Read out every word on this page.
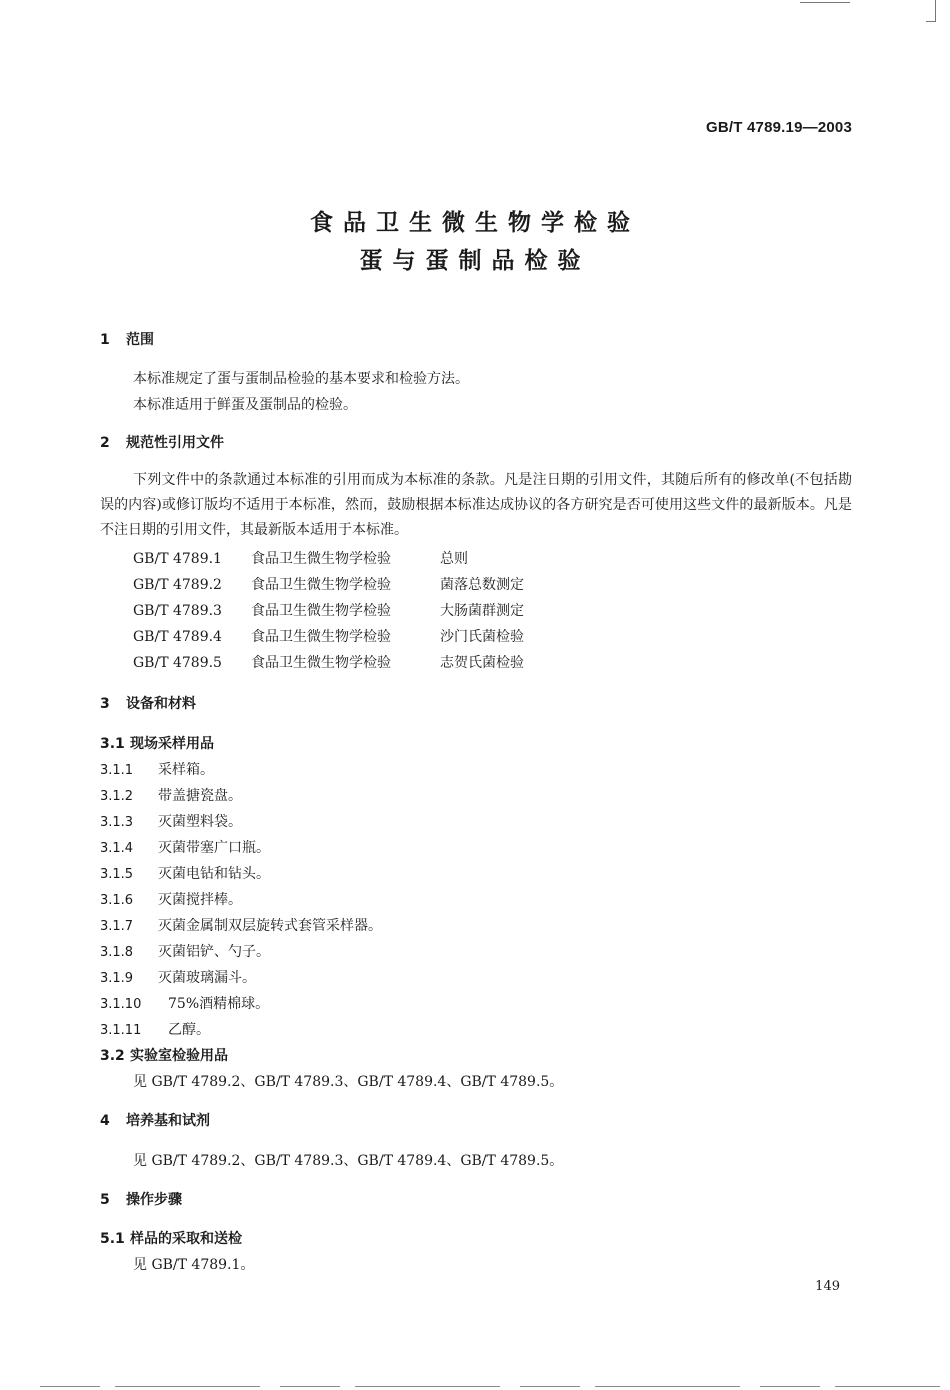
GB/T 4789.19—2003
食品卫生微生物学检验
蛋与蛋制品检验
1 范围
本标准规定了蛋与蛋制品检验的基本要求和检验方法。
本标准适用于鲜蛋及蛋制品的检验。
2 规范性引用文件
下列文件中的条款通过本标准的引用而成为本标准的条款。凡是注日期的引用文件，其随后所有的修改单(不包括勘误的内容)或修订版均不适用于本标准，然而，鼓励根据本标准达成协议的各方研究是否可使用这些文件的最新版本。凡是不注日期的引用文件，其最新版本适用于本标准。
GB/T 4789.1 食品卫生微生物学检验	总则
GB/T 4789.2 食品卫生微生物学检验	菌落总数测定
GB/T 4789.3 食品卫生微生物学检验	大肠菌群测定
GB/T 4789.4 食品卫生微生物学检验	沙门氏菌检验
GB/T 4789.5 食品卫生微生物学检验	志贺氏菌检验
3 设备和材料
3.1 现场采样用品
3.1.1 采样箱。
3.1.2 带盖搪瓷盘。
3.1.3 灭菌塑料袋。
3.1.4 灭菌带塞广口瓶。
3.1.5 灭菌电钻和钻头。
3.1.6 灭菌搅拌棒。
3.1.7 灭菌金属制双层旋转式套管采样器。
3.1.8 灭菌铝铲、勺子。
3.1.9 灭菌玻璃漏斗。
3.1.10 75%酒精棉球。
3.1.11 乙醇。
3.2 实验室检验用品
见 GB/T 4789.2、GB/T 4789.3、GB/T 4789.4、GB/T 4789.5。
4 培养基和试剂
见 GB/T 4789.2、GB/T 4789.3、GB/T 4789.4、GB/T 4789.5。
5 操作步骤
5.1 样品的采取和送检
见 GB/T 4789.1。
149
